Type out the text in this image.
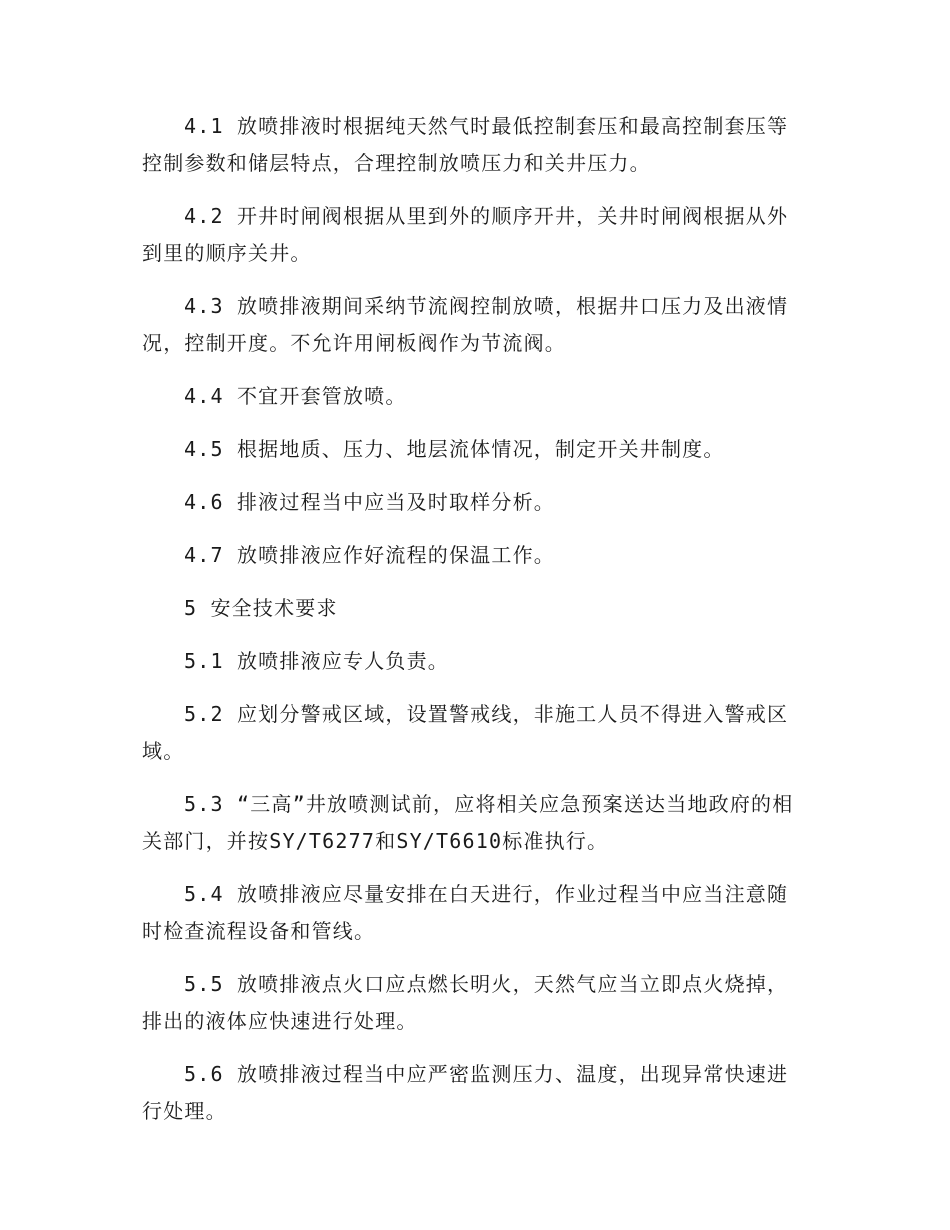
4.1 放喷排液时根据纯天然气时最低控制套压和最高控制套压等控制参数和储层特点，合理控制放喷压力和关井压力。

4.2 开井时闸阀根据从里到外的顺序开井，关井时闸阀根据从外到里的顺序关井。

4.3 放喷排液期间采纳节流阀控制放喷，根据井口压力及出液情况，控制开度。不允许用闸板阀作为节流阀。

4.4 不宜开套管放喷。

4.5 根据地质、压力、地层流体情况，制定开关井制度。

4.6 排液过程当中应当及时取样分析。

4.7 放喷排液应作好流程的保温工作。

5 安全技术要求

5.1 放喷排液应专人负责。

5.2 应划分警戒区域，设置警戒线，非施工人员不得进入警戒区域。

5.3 “三高”井放喷测试前，应将相关应急预案送达当地政府的相关部门，并按SY/T6277和SY/T6610标准执行。

5.4 放喷排液应尽量安排在白天进行，作业过程当中应当注意随时检查流程设备和管线。

5.5 放喷排液点火口应点燃长明火，天然气应当立即点火烧掉，排出的液体应快速进行处理。

5.6 放喷排液过程当中应严密监测压力、温度，出现异常快速进行处理。
